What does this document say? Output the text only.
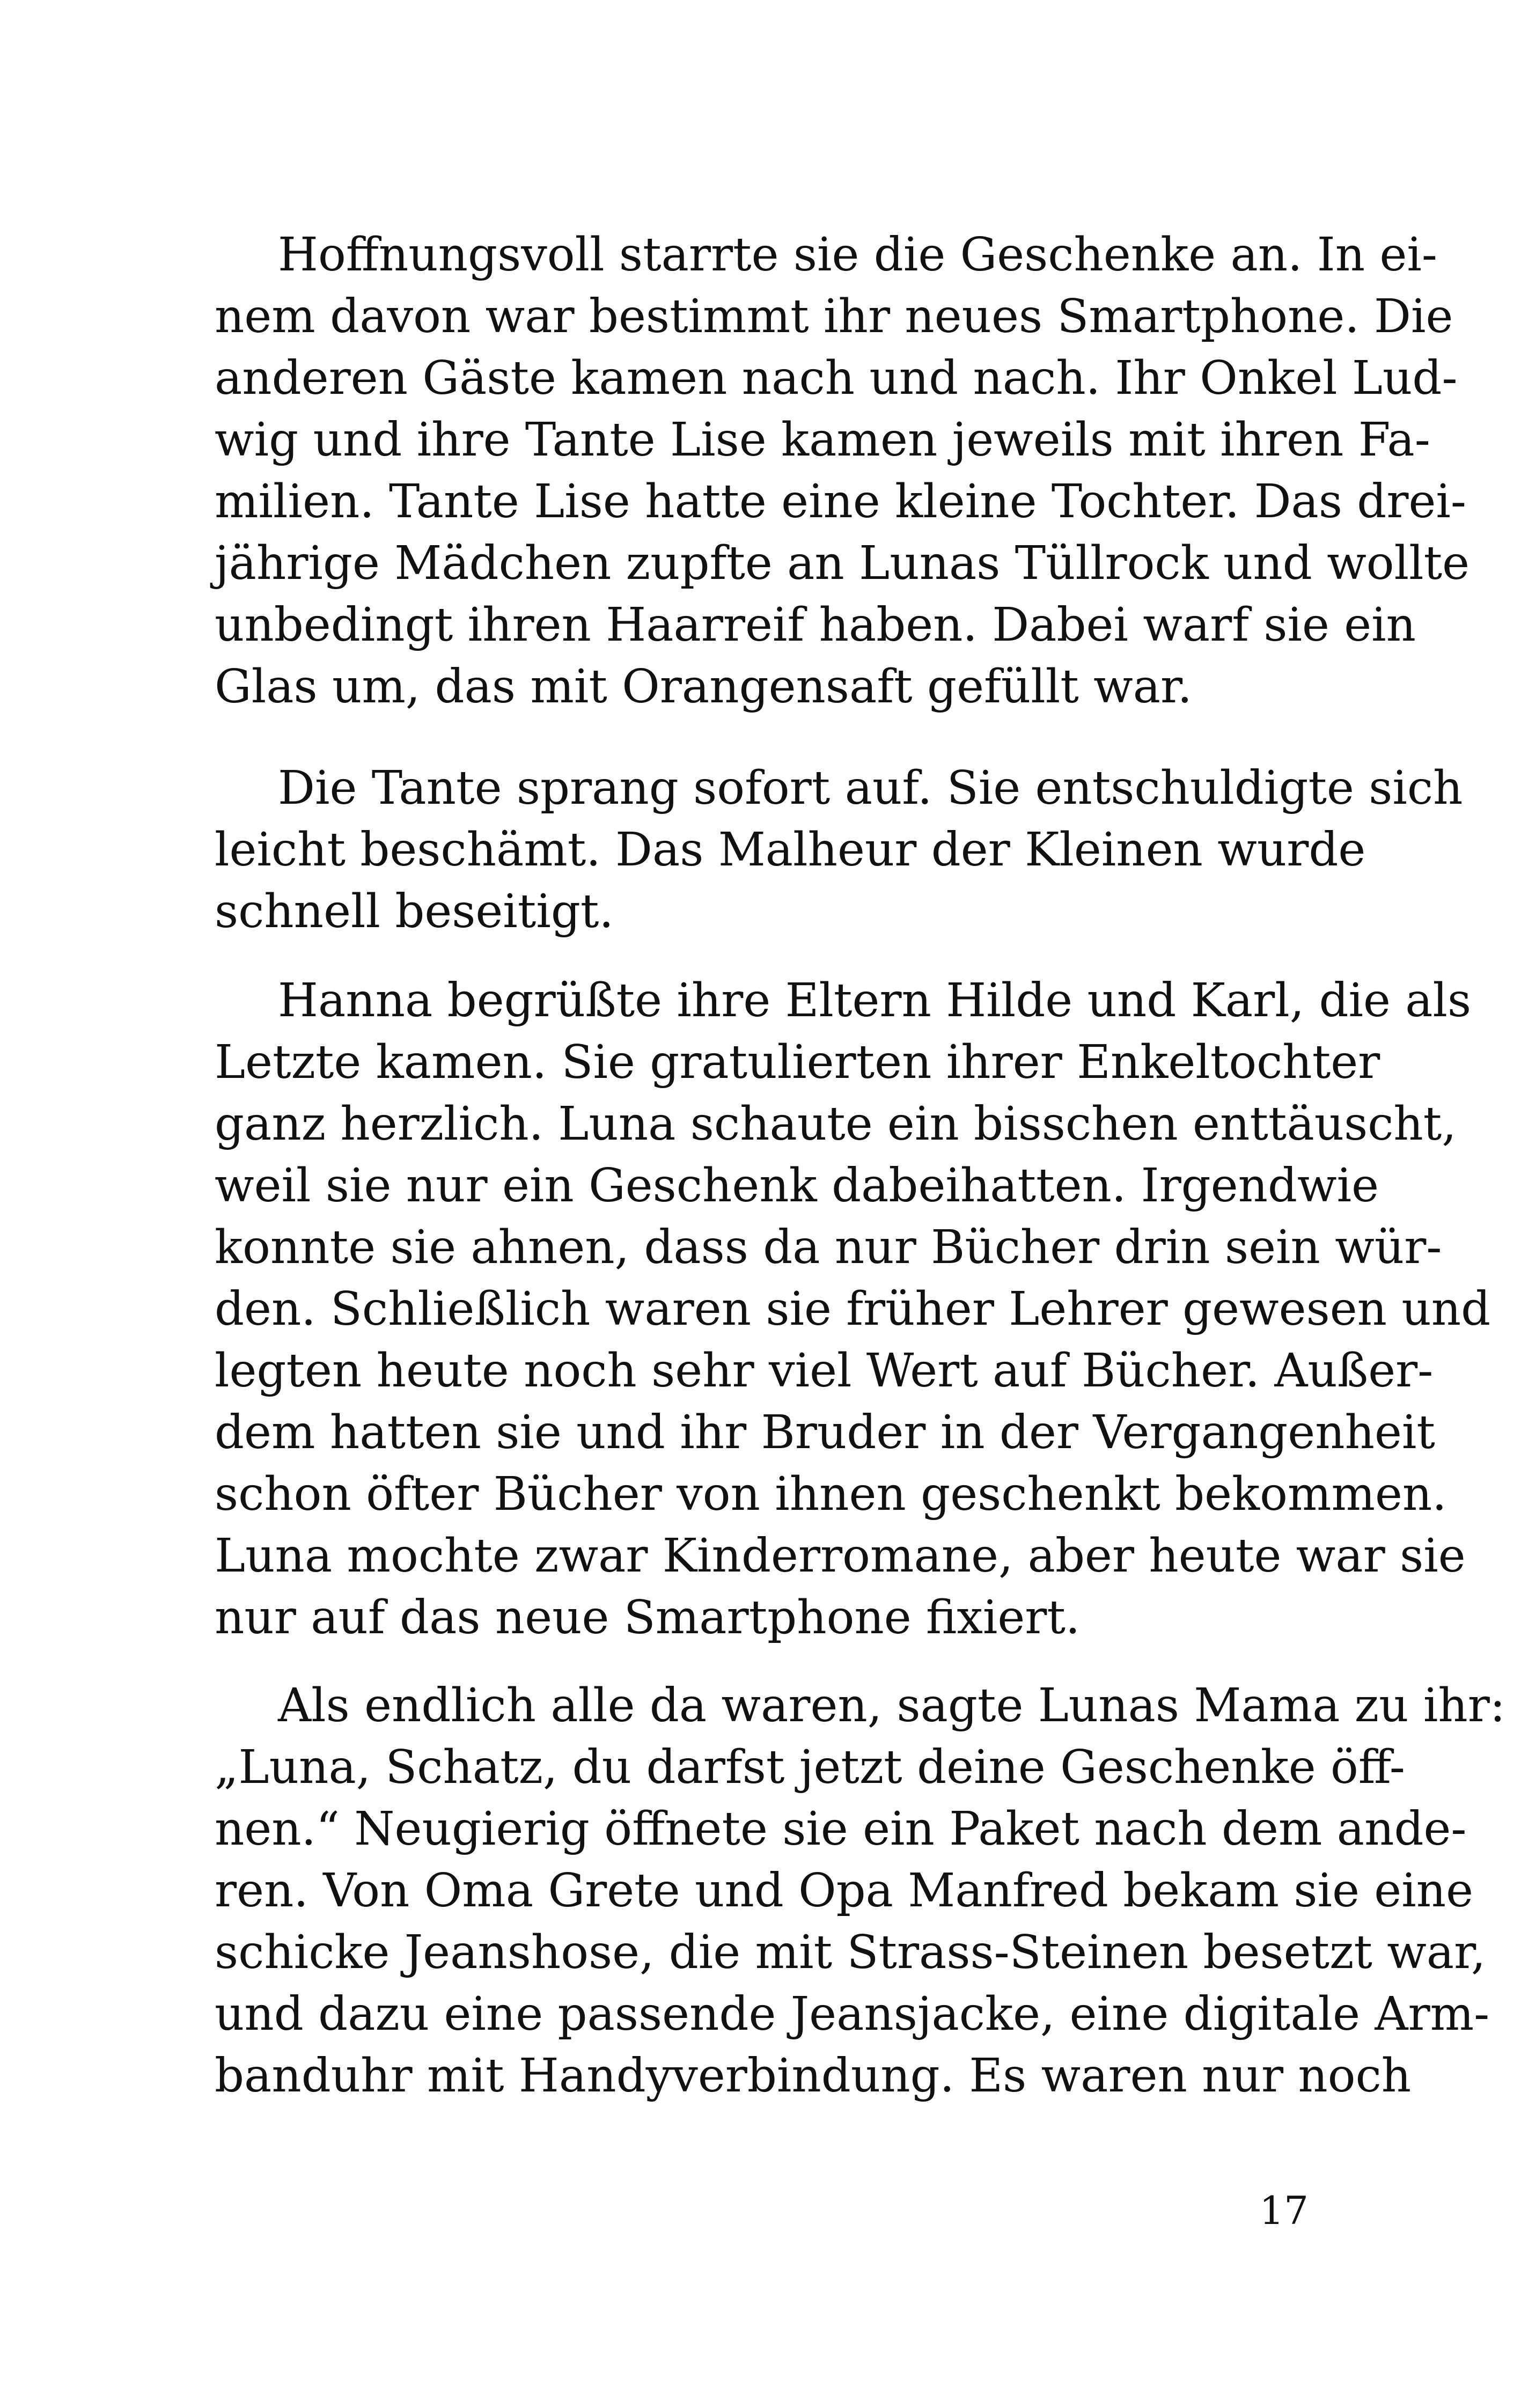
Hoffnungsvoll starrte sie die Geschenke an. In ei-
nem davon war bestimmt ihr neues Smartphone. Die
anderen Gäste kamen nach und nach. Ihr Onkel Lud-
wig und ihre Tante Lise kamen jeweils mit ihren Fa-
milien. Tante Lise hatte eine kleine Tochter. Das drei-
jährige Mädchen zupfte an Lunas Tüllrock und wollte
unbedingt ihren Haarreif haben. Dabei warf sie ein
Glas um, das mit Orangensaft gefüllt war.
Die Tante sprang sofort auf. Sie entschuldigte sich
leicht beschämt. Das Malheur der Kleinen wurde
schnell beseitigt.
Hanna begrüßte ihre Eltern Hilde und Karl, die als
Letzte kamen. Sie gratulierten ihrer Enkeltochter
ganz herzlich. Luna schaute ein bisschen enttäuscht,
weil sie nur ein Geschenk dabeihatten. Irgendwie
konnte sie ahnen, dass da nur Bücher drin sein wür-
den. Schließlich waren sie früher Lehrer gewesen und
legten heute noch sehr viel Wert auf Bücher. Außer-
dem hatten sie und ihr Bruder in der Vergangenheit
schon öfter Bücher von ihnen geschenkt bekommen.
Luna mochte zwar Kinderromane, aber heute war sie
nur auf das neue Smartphone fixiert.
Als endlich alle da waren, sagte Lunas Mama zu ihr:
„Luna, Schatz, du darfst jetzt deine Geschenke öff-
nen.“ Neugierig öffnete sie ein Paket nach dem ande-
ren. Von Oma Grete und Opa Manfred bekam sie eine
schicke Jeanshose, die mit Strass-Steinen besetzt war,
und dazu eine passende Jeansjacke, eine digitale Arm-
banduhr mit Handyverbindung. Es waren nur noch
17
